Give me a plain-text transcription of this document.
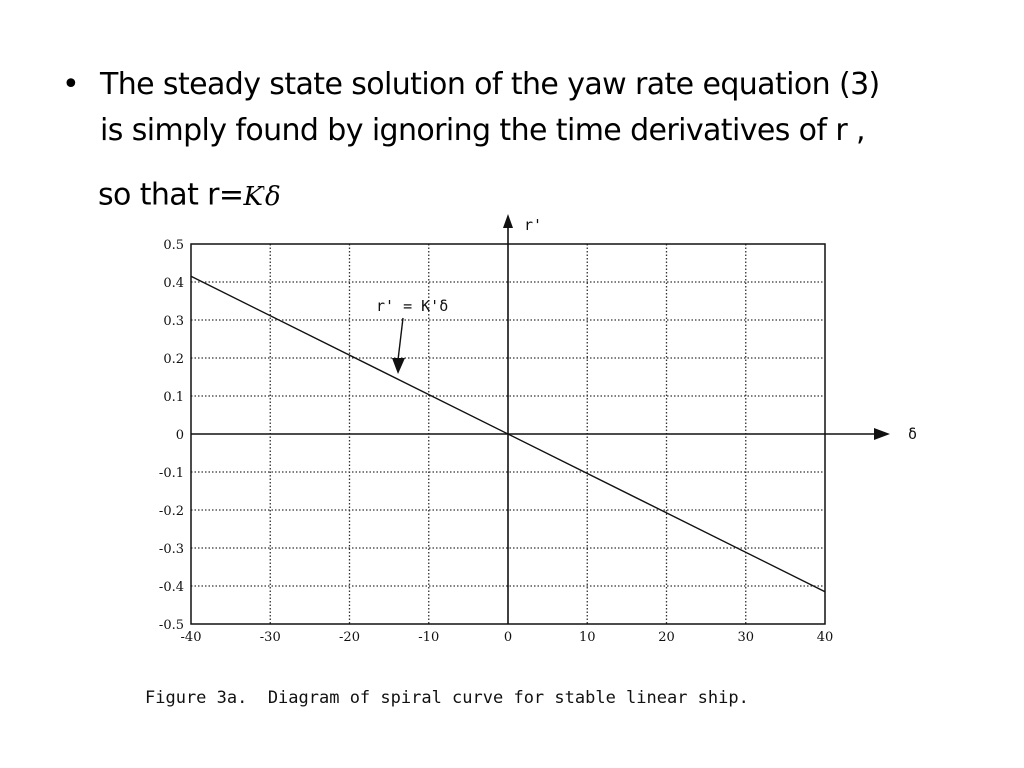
• The steady state solution of the yaw rate equation (3)
is simply found by ignoring the time derivatives of r ,
so that r=K'δ
δ
r'
-40	-30	-20	-10	0	10	20	30	40
0.5
0.4
0.3
0.2
0.1
0
-0.1
-0.2
-0.3
-0.4
-0.5
r' = K'δ
Figure 3a.  Diagram of spiral curve for stable linear ship.
